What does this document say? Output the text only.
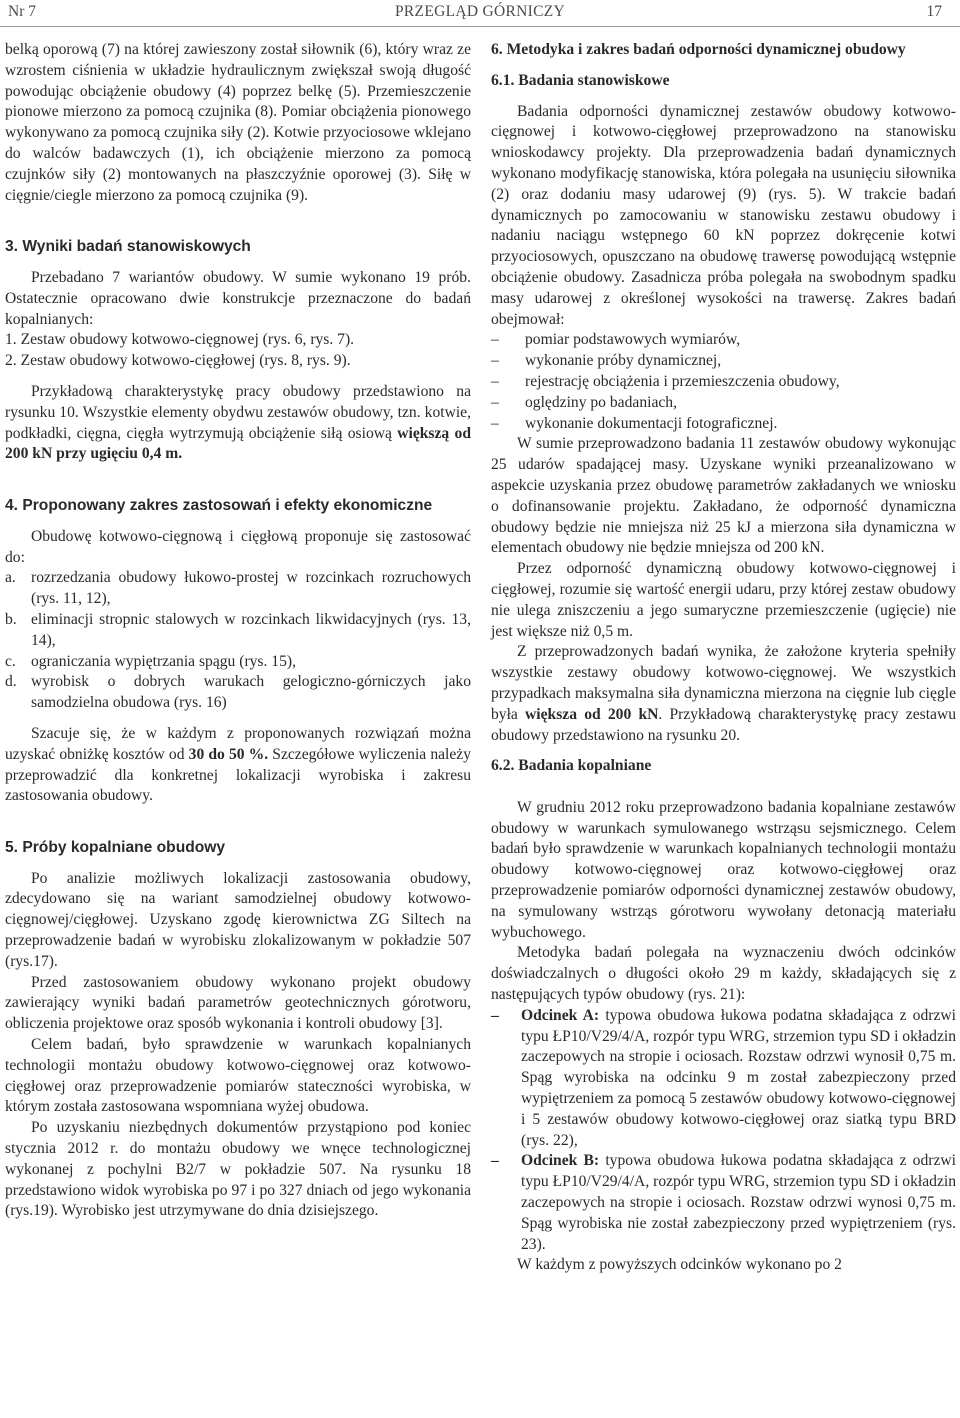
Nr 7	PRZEGLĄD GÓRNICZY	17

belką oporową (7) na której zawieszony został siłownik (6), który wraz ze wzrostem ciśnienia w układzie hydraulicznym zwiększał swoją długość powodując obciążenie obudowy (4) poprzez belkę (5). Przemieszczenie pionowe mierzono za pomocą czujnika (8). Pomiar obciążenia pionowego wykonywano za pomocą czujnika siły (2). Kotwie przyociosowe wklejano do walców badawczych (1), ich obciążenie mierzono za pomocą czujnków siły (2) montowanych na płaszczyźnie oporowej (3). Siłę w cięgnie/ciegle mierzono za pomocą czujnika (9).

3. Wyniki badań stanowiskowych

Przebadano 7 wariantów obudowy. W sumie wykonano 19 prób. Ostatecznie opracowano dwie konstrukcje przeznaczone do badań kopalnianych:

1. Zestaw obudowy kotwowo-cięgnowej (rys. 6, rys. 7).
2. Zestaw obudowy kotwowo-cięgłowej (rys. 8, rys. 9).

Przykładową charakterystykę pracy obudowy przedstawiono na rysunku 10. Wszystkie elementy obydwu zestawów obudowy, tzn. kotwie, podkładki, cięgna, cięgła wytrzymują obciążenie siłą osiową większą od 200 kN przy ugięciu 0,4 m.

4. Proponowany zakres zastosowań i efekty ekonomiczne

Obudowę kotwowo-cięgnową i cięgłową proponuje się zastosować do:

a. rozrzedzania obudowy łukowo-prostej w rozcinkach rozruchowych (rys. 11, 12),
b. eliminacji stropnic stalowych w rozcinkach likwidacyjnych (rys. 13, 14),
c. ograniczania wypiętrzania spągu (rys. 15),
d. wyrobisk o dobrych warukach gelogiczno-górniczych jako samodzielna obudowa (rys. 16)

Szacuje się, że w każdym z proponowanych rozwiązań można uzyskać obniżkę kosztów od 30 do 50 %. Szczegółowe wyliczenia należy przeprowadzić dla konkretnej lokalizacji wyrobiska i zakresu zastosowania obudowy.

5. Próby kopalniane obudowy

Po analizie możliwych lokalizacji zastosowania obudowy, zdecydowano się na wariant samodzielnej obudowy kotwowo-cięgnowej/cięgłowej. Uzyskano zgodę kierownictwa ZG Siltech na przeprowadzenie badań w wyrobisku zlokalizowanym w pokładzie 507 (rys.17).

Przed zastosowaniem obudowy wykonano projekt obudowy zawierający wyniki badań parametrów geotechnicznych górotworu, obliczenia projektowe oraz sposób wykonania i kontroli obudowy [3].

Celem badań, było sprawdzenie w warunkach kopalnianych technologii montażu obudowy kotwowo-cięgnowej oraz kotwowo-cięgłowej oraz przeprowadzenie pomiarów stateczności wyrobiska, w którym została zastosowana wspomniana wyżej obudowa.

Po uzyskaniu niezbędnych dokumentów przystąpiono pod koniec stycznia 2012 r. do montażu obudowy we wnęce technologicznej wykonanej z pochylni B2/7 w pokładzie 507. Na rysunku 18 przedstawiono widok wyrobiska po 97 i po 327 dniach od jego wykonania (rys.19). Wyrobisko jest utrzymywane do dnia dzisiejszego.

6. Metodyka i zakres badań odporności dynamicznej obudowy
6.1. Badania stanowiskowe

Badania odporności dynamicznej zestawów obudowy kotwowo-cięgnowej i kotwowo-cięgłowej przeprowadzono na stanowisku wnioskodawcy projekty. Dla przeprowadzenia badań dynamicznych wykonano modyfikację stanowiska, która polegała na usunięciu siłownika (2) oraz dodaniu masy udarowej (9) (rys. 5). W trakcie badań dynamicznych po zamocowaniu w stanowisku zestawu obudowy i nadaniu naciągu wstępnego 60 kN poprzez dokręcenie kotwi przyociosowych, opuszczano na obudowę trawersę powodującą wstępnie obciążenie obudowy. Zasadnicza próba polegała na swobodnym spadku masy udarowej z określonej wysokości na trawersę. Zakres badań obejmował:

– pomiar podstawowych wymiarów,
– wykonanie próby dynamicznej,
– rejestrację obciążenia i przemieszczenia obudowy,
– oględziny po badaniach,
– wykonanie dokumentacji fotograficznej.

W sumie przeprowadzono badania 11 zestawów obudowy wykonując 25 udarów spadającej masy. Uzyskane wyniki przeanalizowano w aspekcie uzyskania przez obudowę parametrów zakładanych we wniosku o dofinansowanie projektu. Zakładano, że odporność dynamiczna obudowy będzie nie mniejsza niż 25 kJ a mierzona siła dynamiczna w elementach obudowy nie będzie mniejsza od 200 kN.

Przez odporność dynamiczną obudowy kotwowo-cięgnowej i cięgłowej, rozumie się wartość energii udaru, przy której zestaw obudowy nie ulega zniszczeniu a jego sumaryczne przemieszczenie (ugięcie) nie jest większe niż 0,5 m.

Z przeprowadzonych badań wynika, że założone kryteria spełniły wszystkie zestawy obudowy kotwowo-cięgnowej. We wszystkich przypadkach maksymalna siła dynamiczna mierzona na cięgnie lub cięgle była większa od 200 kN. Przykładową charakterystykę pracy zestawu obudowy przedstawiono na rysunku 20.

6.2. Badania kopalniane

W grudniu 2012 roku przeprowadzono badania kopalniane zestawów obudowy w warunkach symulowanego wstrząsu sejsmicznego. Celem badań było sprawdzenie w warunkach kopalnianych technologii montażu obudowy kotwowo-cięgnowej oraz kotwowo-cięgłowej oraz przeprowadzenie pomiarów odporności dynamicznej zestawów obudowy, na symulowany wstrząs górotworu wywołany detonacją materiału wybuchowego.

Metodyka badań polegała na wyznaczeniu dwóch odcinków doświadczalnych o długości około 29 m każdy, składających się z następujących typów obudowy (rys. 21):

– Odcinek A: typowa obudowa łukowa podatna składająca z odrzwi typu ŁP10/V29/4/A, rozpór typu WRG, strzemion typu SD i okładzin zaczepowych na stropie i ociosach. Rozstaw odrzwi wynosił 0,75 m. Spąg wyrobiska na odcinku 9 m został zabezpieczony przed wypiętrzeniem za pomocą 5 zestawów obudowy kotwowo-cięgnowej i 5 zestawów obudowy kotwowo-cięgłowej oraz siatką typu BRD (rys. 22),
– Odcinek B: typowa obudowa łukowa podatna składająca z odrzwi typu ŁP10/V29/4/A, rozpór typu WRG, strzemion typu SD i okładzin zaczepowych na stropie i ociosach. Rozstaw odrzwi wynosi 0,75 m. Spąg wyrobiska nie został zabezpieczony przed wypiętrzeniem (rys. 23).

W każdym z powyższych odcinków wykonano po 2
